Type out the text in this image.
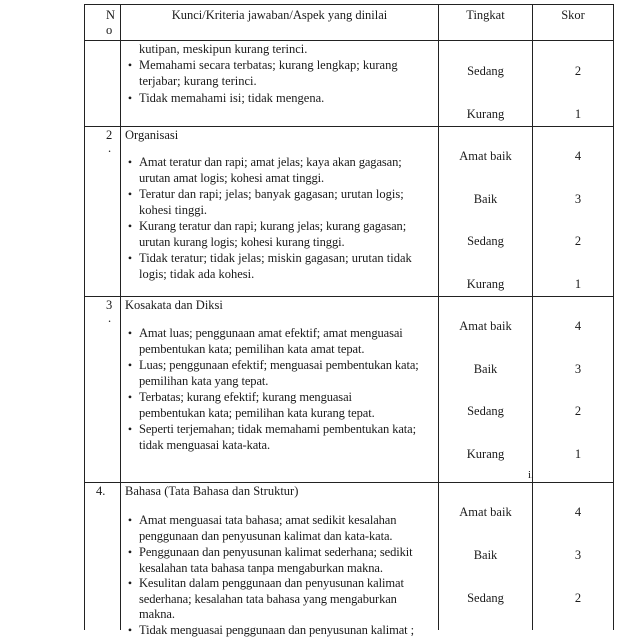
N
o
Kunci/Kriteria jawaban/Aspek yang dinilai	Tingkat	Skor
kutipan, meskipun kurang terinci.
• Memahami secara terbatas; kurang lengkap; kurang terjabar; kurang terinci.
• Tidak memahami isi; tidak mengena.
Sedang
Kurang
2
1
2
.
Organisasi
• Amat teratur dan rapi; amat jelas; kaya akan gagasan; urutan amat logis; kohesi amat tinggi.
• Teratur dan rapi; jelas; banyak gagasan; urutan logis; kohesi tinggi.
• Kurang teratur dan rapi; kurang jelas; kurang gagasan; urutan kurang logis; kohesi kurang tinggi.
• Tidak teratur; tidak jelas; miskin gagasan; urutan tidak logis; tidak ada kohesi.
Amat baik
Baik
Sedang
Kurang
4
3
2
1
3
.
Kosakata dan Diksi
• Amat luas; penggunaan amat efektif; amat menguasai pembentukan kata; pemilihan kata amat tepat.
• Luas; penggunaan efektif; menguasai pembentukan kata; pemilihan kata yang tepat.
• Terbatas; kurang efektif; kurang menguasai pembentukan kata; pemilihan kata kurang tepat.
• Seperti terjemahan; tidak memahami pembentukan kata; tidak menguasai kata-kata.
Amat baik
Baik
Sedang
Kurang
4
3
2
1
i.
4. Bahasa (Tata Bahasa dan Struktur)
• Amat menguasai tata bahasa; amat sedikit kesalahan penggunaan dan penyusunan kalimat dan kata-kata.
• Penggunaan dan penyusunan kalimat sederhana; sedikit kesalahan tata bahasa tanpa mengaburkan makna.
• Kesulitan dalam penggunaan dan penyusunan kalimat sederhana; kesalahan tata bahasa yang mengaburkan makna.
• Tidak menguasai penggunaan dan penyusunan kalimat ;
Amat baik
Baik
Sedang
4
3
2
